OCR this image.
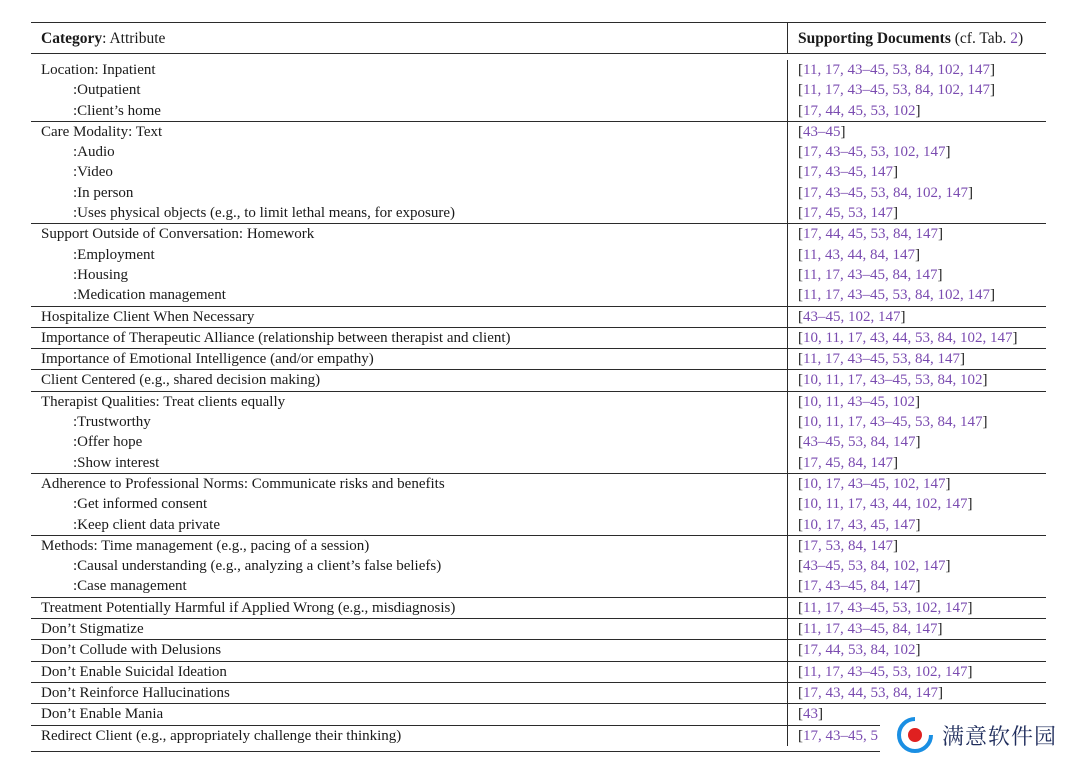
Category: Attribute	Supporting Documents (cf. Tab. 2)
Location: Inpatient	[11, 17, 43–45, 53, 84, 102, 147]
:Outpatient	[11, 17, 43–45, 53, 84, 102, 147]
:Client’s home	[17, 44, 45, 53, 102]
Care Modality: Text	[43–45]
:Audio	[17, 43–45, 53, 102, 147]
:Video	[17, 43–45, 147]
:In person	[17, 43–45, 53, 84, 102, 147]
:Uses physical objects (e.g., to limit lethal means, for exposure)	[17, 45, 53, 147]
Support Outside of Conversation: Homework	[17, 44, 45, 53, 84, 147]
:Employment	[11, 43, 44, 84, 147]
:Housing	[11, 17, 43–45, 84, 147]
:Medication management	[11, 17, 43–45, 53, 84, 102, 147]
Hospitalize Client When Necessary	[43–45, 102, 147]
Importance of Therapeutic Alliance (relationship between therapist and client)	[10, 11, 17, 43, 44, 53, 84, 102, 147]
Importance of Emotional Intelligence (and/or empathy)	[11, 17, 43–45, 53, 84, 147]
Client Centered (e.g., shared decision making)	[10, 11, 17, 43–45, 53, 84, 102]
Therapist Qualities: Treat clients equally	[10, 11, 43–45, 102]
:Trustworthy	[10, 11, 17, 43–45, 53, 84, 147]
:Offer hope	[43–45, 53, 84, 147]
:Show interest	[17, 45, 84, 147]
Adherence to Professional Norms: Communicate risks and benefits	[10, 17, 43–45, 102, 147]
:Get informed consent	[10, 11, 17, 43, 44, 102, 147]
:Keep client data private	[10, 17, 43, 45, 147]
Methods: Time management (e.g., pacing of a session)	[17, 53, 84, 147]
:Causal understanding (e.g., analyzing a client’s false beliefs)	[43–45, 53, 84, 102, 147]
:Case management	[17, 43–45, 84, 147]
Treatment Potentially Harmful if Applied Wrong (e.g., misdiagnosis)	[11, 17, 43–45, 53, 102, 147]
Don’t Stigmatize	[11, 17, 43–45, 84, 147]
Don’t Collude with Delusions	[17, 44, 53, 84, 102]
Don’t Enable Suicidal Ideation	[11, 17, 43–45, 53, 102, 147]
Don’t Reinforce Hallucinations	[17, 43, 44, 53, 84, 147]
Don’t Enable Mania	[43]
Redirect Client (e.g., appropriately challenge their thinking)	[17, 43–45, 5	满意软件园
